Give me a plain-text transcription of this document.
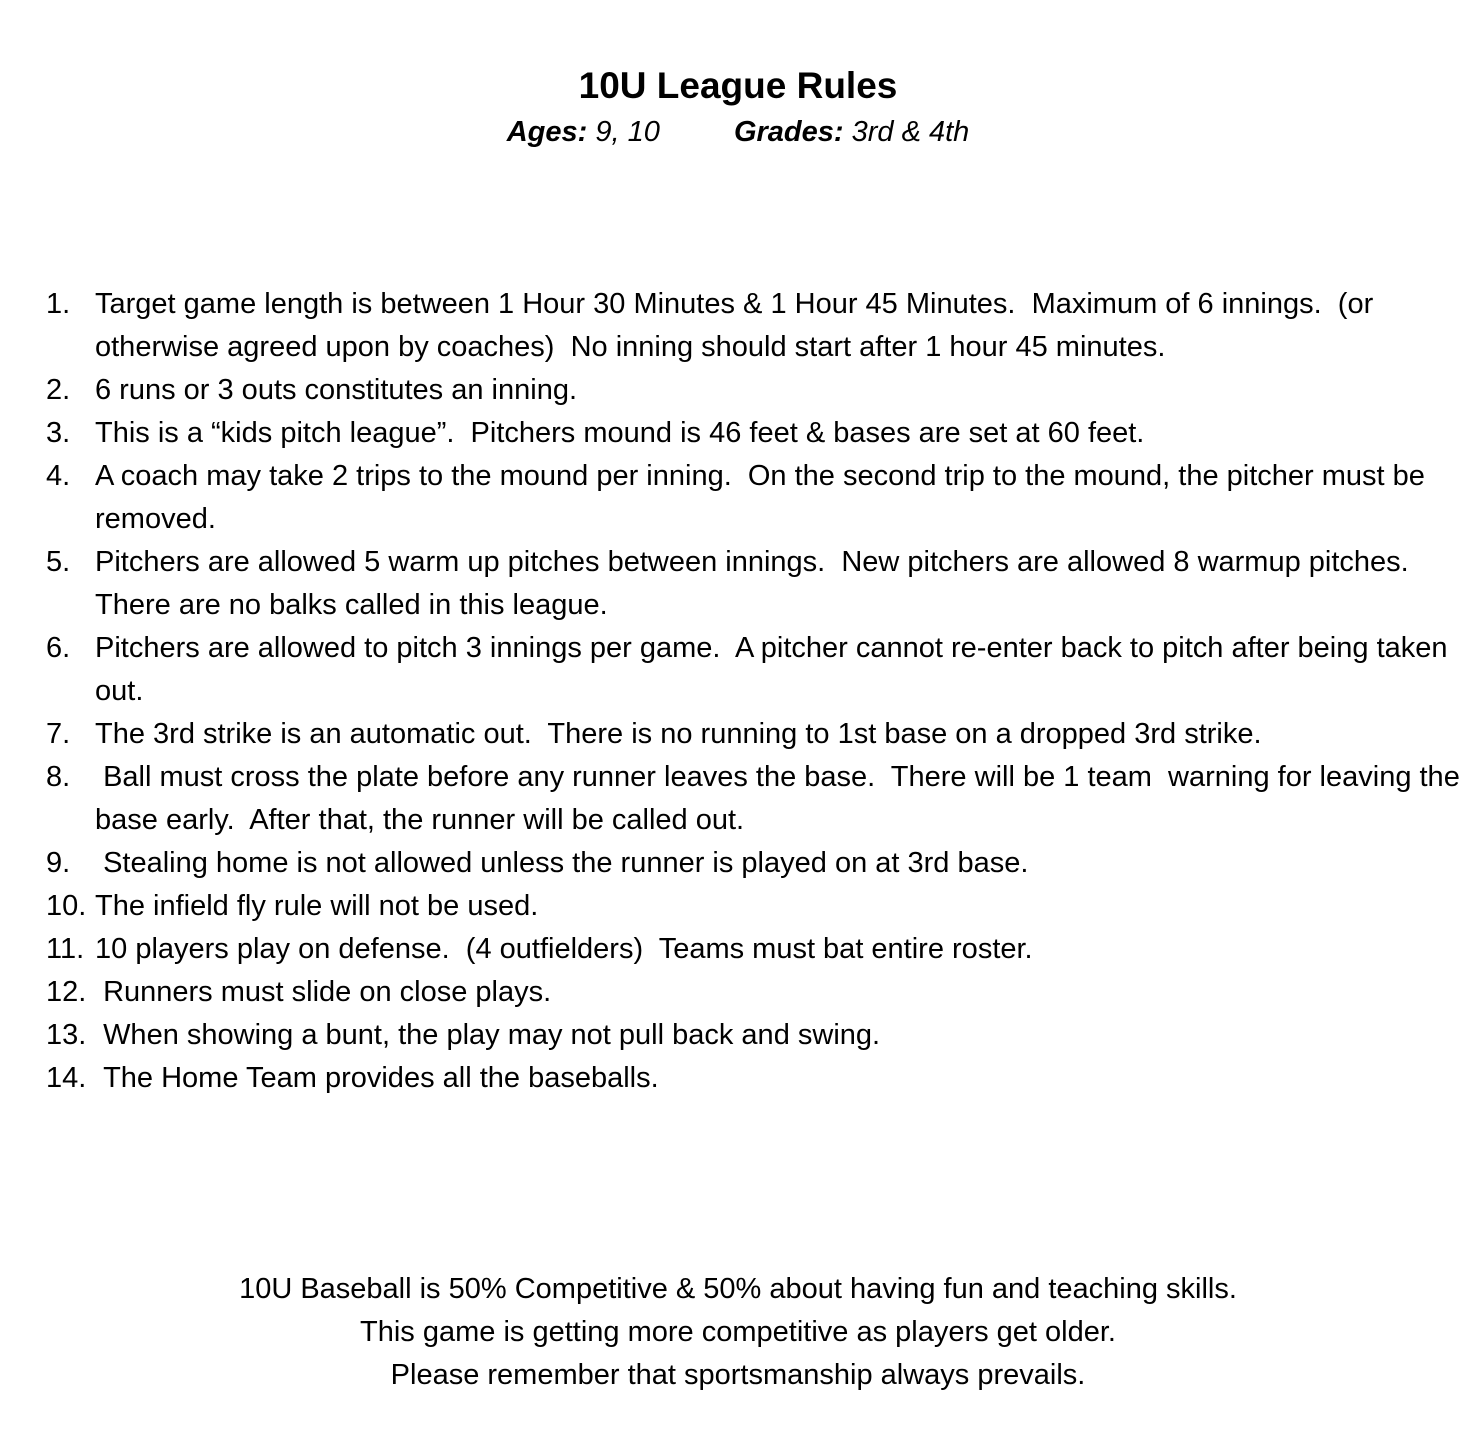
10U League Rules
Ages: 9, 10	Grades: 3rd & 4th
1. Target game length is between 1 Hour 30 Minutes & 1 Hour 45 Minutes.  Maximum of 6 innings.  (or otherwise agreed upon by coaches)  No inning should start after 1 hour 45 minutes.
2. 6 runs or 3 outs constitutes an inning.
3. This is a “kids pitch league”.  Pitchers mound is 46 feet & bases are set at 60 feet.
4. A coach may take 2 trips to the mound per inning.  On the second trip to the mound, the pitcher must be removed.
5. Pitchers are allowed 5 warm up pitches between innings.  New pitchers are allowed 8 warmup pitches.  There are no balks called in this league.
6. Pitchers are allowed to pitch 3 innings per game.  A pitcher cannot re-enter back to pitch after being taken out.
7. The 3rd strike is an automatic out.  There is no running to 1st base on a dropped 3rd strike.
8. Ball must cross the plate before any runner leaves the base.  There will be 1 team  warning for leaving the base early.  After that, the runner will be called out.
9. Stealing home is not allowed unless the runner is played on at 3rd base.
10. The infield fly rule will not be used.
11. 10 players play on defense.  (4 outfielders)  Teams must bat entire roster.
12. Runners must slide on close plays.
13. When showing a bunt, the play may not pull back and swing.
14. The Home Team provides all the baseballs.
10U Baseball is 50% Competitive & 50% about having fun and teaching skills.
This game is getting more competitive as players get older.
Please remember that sportsmanship always prevails.
